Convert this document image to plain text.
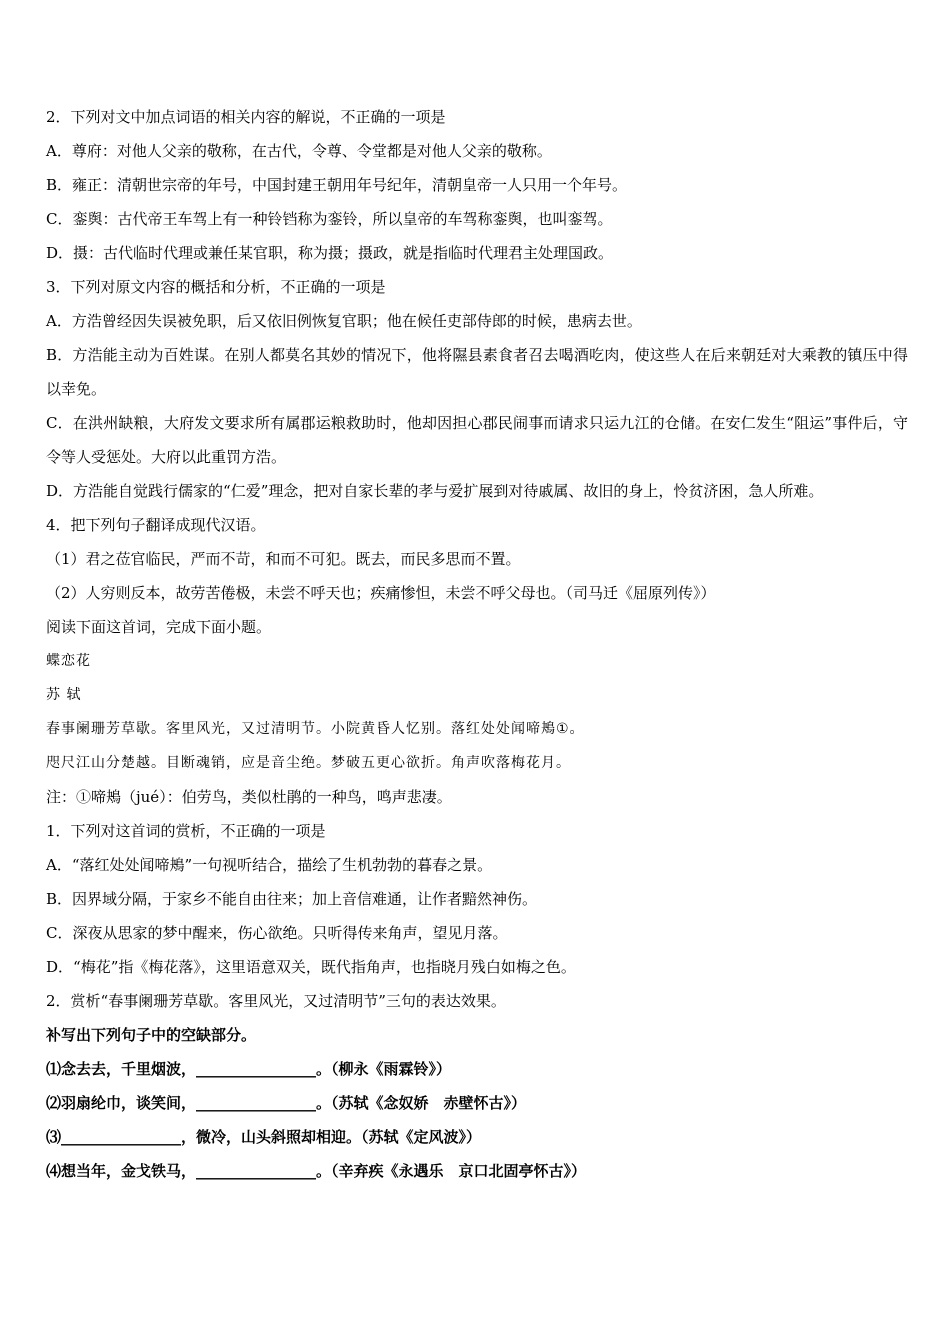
2．下列对文中加点词语的相关内容的解说，不正确的一项是
A．尊府：对他人父亲的敬称，在古代，令尊、令堂都是对他人父亲的敬称。
B．雍正：清朝世宗帝的年号，中国封建王朝用年号纪年，清朝皇帝一人只用一个年号。
C．銮舆：古代帝王车驾上有一种铃铛称为銮铃，所以皇帝的车驾称銮舆，也叫銮驾。
D．摄：古代临时代理或兼任某官职，称为摄；摄政，就是指临时代理君主处理国政。
3．下列对原文内容的概括和分析，不正确的一项是
A．方浩曾经因失误被免职，后又依旧例恢复官职；他在候任吏部侍郎的时候，患病去世。
B．方浩能主动为百姓谋。在别人都莫名其妙的情况下，他将隰县素食者召去喝酒吃肉，使这些人在后来朝廷对大乘教的镇压中得以幸免。
C．在洪州缺粮，大府发文要求所有属郡运粮救助时，他却因担心郡民闹事而请求只运九江的仓储。在安仁发生“阻运”事件后，守令等人受惩处。大府以此重罚方浩。
D．方浩能自觉践行儒家的“仁爱”理念，把对自家长辈的孝与爱扩展到对待戚属、故旧的身上，怜贫济困，急人所难。
4．把下列句子翻译成现代汉语。
（1）君之莅官临民，严而不苛，和而不可犯。既去，而民多思而不置。
（2）人穷则反本，故劳苦倦极，未尝不呼天也；疾痛惨怛，未尝不呼父母也。（司马迁《屈原列传》）
阅读下面这首词，完成下面小题。
蝶恋花
苏 轼
春事阑珊芳草歇。客里风光，又过清明节。小院黄昏人忆别。落红处处闻啼鴂①。
咫尺江山分楚越。目断魂销，应是音尘绝。梦破五更心欲折。角声吹落梅花月。
注：①啼鴂（jué）：伯劳鸟，类似杜鹃的一种鸟，鸣声悲凄。
1．下列对这首词的赏析，不正确的一项是
A．“落红处处闻啼鴂”一句视听结合，描绘了生机勃勃的暮春之景。
B．因界域分隔，于家乡不能自由往来；加上音信难通，让作者黯然神伤。
C．深夜从思家的梦中醒来，伤心欲绝。只听得传来角声，望见月落。
D．“梅花”指《梅花落》，这里语意双关，既代指角声，也指晓月残白如梅之色。
2．赏析“春事阑珊芳草歇。客里风光，又过清明节”三句的表达效果。
补写出下列句子中的空缺部分。
⑴念去去，千里烟波，________________。（柳永《雨霖铃》）
⑵羽扇纶巾，谈笑间，________________。（苏轼《念奴娇　赤壁怀古》）
⑶________________，微冷，山头斜照却相迎。（苏轼《定风波》）
⑷想当年，金戈铁马，________________。（辛弃疾《永遇乐　京口北固亭怀古》）
